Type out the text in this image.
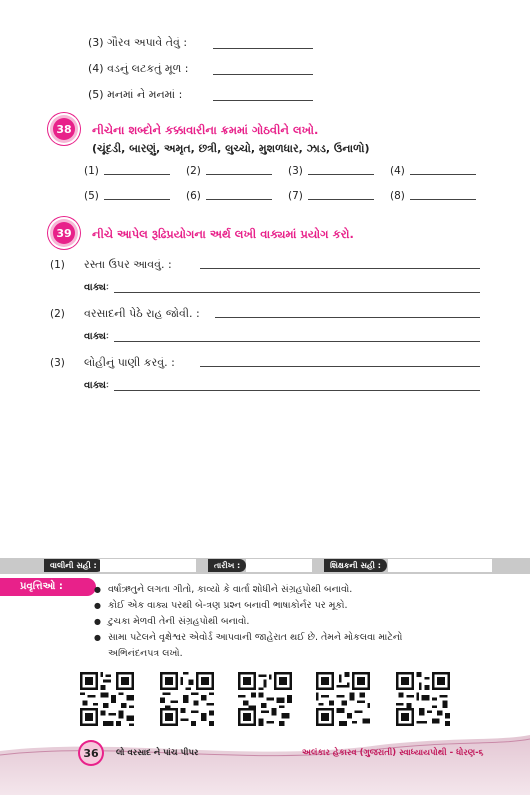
(3) ગૌરવ અપાવે તેવું :
(4) વડનું લટકતું મૂળ :
(5) મનમાં ને મનમાં :
38 નીચેના શબ્દોને કક્કાવારીના ક્રમમાં ગોઠવીને લખો.
(ચૂંદડી, બારણું, અમૃત, છત્રી, લુચ્ચો, મુશળધાર, ઝાડ, ઉનાળો)
(1)	(2)	(3)	(4)
(5)	(6)	(7)	(8)
39 નીચે આપેલ રૂઢિપ્રયોગના અર્થ લખી વાક્યમાં પ્રયોગ કરો.
(1) રસ્તા ઉપર આવવું. :
વાક્યઃ
(2) વરસાદની પેઠે રાહ જોવી. :
વાક્યઃ
(3) લોહીનું પાણી કરવું. :
વાક્યઃ
વાલીની સહી :	તારીખ :	શિક્ષકની સહી :
પ્રવૃત્તિઓ :
●	વર્ષાઋતુને લગતા ગીતો, કાવ્યો કે વાર્તા શોધીને સંગ્રહપોથી બનાવો.
● કોઈ એક વાક્ય પરથી બે-ત્રણ પ્રશ્ન બનાવી ભાષાકોર્નર પર મૂકો.
● ટુચકા મેળવી તેની સંગ્રહપોથી બનાવો.
● સામા પટેલને વૃક્ષેશ્વર એવોર્ડ આપવાની જાહેરાત થઈ છે. તેમને મોકલવા માટેનો
અભિનંદનપત્ર લખો.
36	લો વરસાદ ને પાંચ પીપર	અલંકાર હેકારવ (ગુજરાતી) સ્વાધ્યાયપોથી - ધોરણ-૬
